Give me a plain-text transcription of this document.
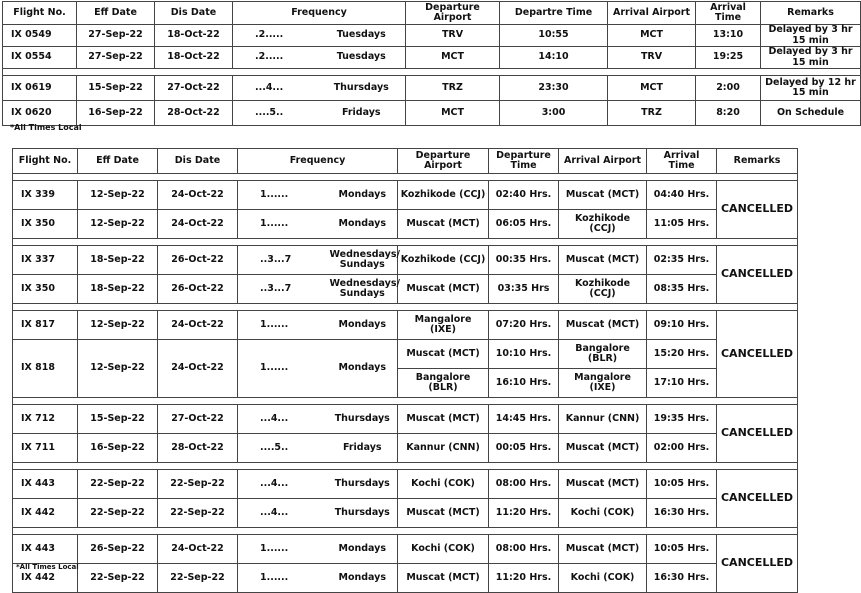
Flight No.	Eff Date	Dis Date	Frequency		Departure Airport	Departre Time	Arrival Airport	Arrival Time	Remarks
IX 0549	27-Sep-22	18-Oct-22	.2.....	Tuesdays	TRV	10:55	MCT	13:10	Delayed by 3 hr 15 min
IX 0554	27-Sep-22	18-Oct-22	.2.....	Tuesdays	MCT	14:10	TRV	19:25	Delayed by 3 hr 15 min

IX 0619	15-Sep-22	27-Oct-22	...4...	Thursdays	TRZ	23:30	MCT	2:00	Delayed by 12 hr 15 min
IX 0620	16-Sep-22	28-Oct-22	....5..	Fridays	MCT	3:00	TRZ	8:20	On Schedule
*All Times Local
Flight No.	Eff Date	Dis Date	Frequency		Departure Airport	Departure Time	Arrival Airport	Arrival Time	Remarks

IX 339	12-Sep-22	24-Oct-22	1......	Mondays	Kozhikode (CCJ)	02:40 Hrs.	Muscat (MCT)	04:40 Hrs.	CANCELLED
IX 350	12-Sep-22	24-Oct-22	1......	Mondays	Muscat (MCT)	06:05 Hrs.	Kozhikode (CCJ)	11:05 Hrs.	

IX 337	18-Sep-22	26-Oct-22	..3...7	Wednesdays/ Sundays	Kozhikode (CCJ)	00:35 Hrs.	Muscat (MCT)	02:35 Hrs.	CANCELLED
IX 350	18-Sep-22	26-Oct-22	..3...7	Wednesdays/ Sundays	Muscat (MCT)	03:35 Hrs	Kozhikode (CCJ)	08:35 Hrs.	

IX 817	12-Sep-22	24-Oct-22	1......	Mondays	Mangalore (IXE)	07:20 Hrs.	Muscat (MCT)	09:10 Hrs.	CANCELLED
IX 818	12-Sep-22	24-Oct-22	1......	Mondays	Muscat (MCT)	10:10 Hrs.	Bangalore (BLR)	15:20 Hrs.	
					Bangalore (BLR)	16:10 Hrs.	Mangalore (IXE)	17:10 Hrs.	

IX 712	15-Sep-22	27-Oct-22	...4...	Thursdays	Muscat (MCT)	14:45 Hrs.	Kannur (CNN)	19:35 Hrs.	CANCELLED
IX 711	16-Sep-22	28-Oct-22	....5..	Fridays	Kannur (CNN)	00:05 Hrs.	Muscat (MCT)	02:00 Hrs.	

IX 443	22-Sep-22	22-Sep-22	...4...	Thursdays	Kochi (COK)	08:00 Hrs.	Muscat (MCT)	10:05 Hrs.	CANCELLED
IX 442	22-Sep-22	22-Sep-22	...4...	Thursdays	Muscat (MCT)	11:20 Hrs.	Kochi (COK)	16:30 Hrs.	

IX 443	26-Sep-22	24-Oct-22	1......	Mondays	Kochi (COK)	08:00 Hrs.	Muscat (MCT)	10:05 Hrs.	CANCELLED
IX 442	22-Sep-22	22-Sep-22	1......	Mondays	Muscat (MCT)	11:20 Hrs.	Kochi (COK)	16:30 Hrs.	
*All Times Local
